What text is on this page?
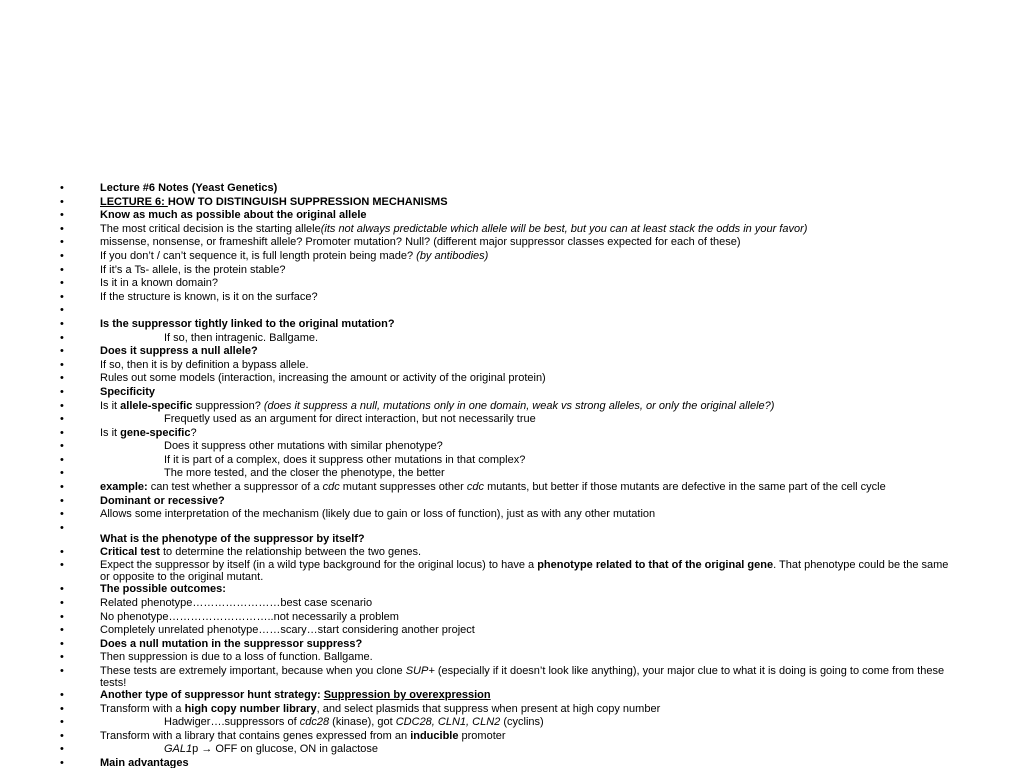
•	Lecture #6 Notes (Yeast Genetics)
•	LECTURE 6: HOW TO DISTINGUISH SUPPRESSION MECHANISMS
•	Know as much as possible about the original allele
•	The most critical decision is the starting allele(its not always predictable which allele will be best, but you can at least stack the odds in your favor)
•	missense, nonsense, or frameshift allele? Promoter mutation? Null? (different major suppressor classes expected for each of these)
•	If you don’t / can’t sequence it, is full length protein being made? (by antibodies)
•	If it’s a Ts- allele, is the protein stable?
•	Is it in a known domain?
•	If the structure is known, is it on the surface?
•
•	Is the suppressor tightly linked to the original mutation?
•	If so, then intragenic. Ballgame.
•	Does it suppress a null allele?
•	If so, then it is by definition a bypass allele.
•	Rules out some models (interaction, increasing the amount or activity of the original protein)
•	Specificity
•	Is it allele-specific suppression? (does it suppress a null, mutations only in one domain, weak vs strong alleles, or only the original allele?)
•	Frequetly used as an argument for direct interaction, but not necessarily true
•	Is it gene-specific?
•	Does it suppress other mutations with similar phenotype?
•	If it is part of a complex, does it suppress other mutations in that complex?
•	The more tested, and the closer the phenotype, the better
•	example: can test whether a suppressor of a cdc mutant suppresses other cdc mutants, but better if those mutants are defective in the same part of the cell cycle
•	Dominant or recessive?
•	Allows some interpretation of the mechanism (likely due to gain or loss of function), just as with any other mutation
•

What is the phenotype of the suppressor by itself?
•	Critical test to determine the relationship between the two genes.
•	Expect the suppressor by itself (in a wild type background for the original locus) to have a phenotype related to that of the original gene. That phenotype could be the same or opposite to the original mutant.
•	The possible outcomes:
•	Related phenotype……………………best case scenario
•	No phenotype………………………..not necessarily a problem
•	Completely unrelated phenotype……scary…start considering another project
•	Does a null mutation in the suppressor suppress?
•	Then suppression is due to a loss of function. Ballgame.
•	These tests are extremely important, because when you clone SUP+ (especially if it doesn’t look like anything), your major clue to what it is doing is going to come from these tests!
•	Another type of suppressor hunt strategy: Suppression by overexpression
•	Transform with a high copy number library, and select plasmids that suppress when present at high copy number
•	Hadwiger….suppressors of cdc28 (kinase), got CDC28, CLN1, CLN2 (cyclins)
•	Transform with a library that contains genes expressed from an inducible promoter
•	GAL1p → OFF on glucose, ON in galactose
•	Main advantages
